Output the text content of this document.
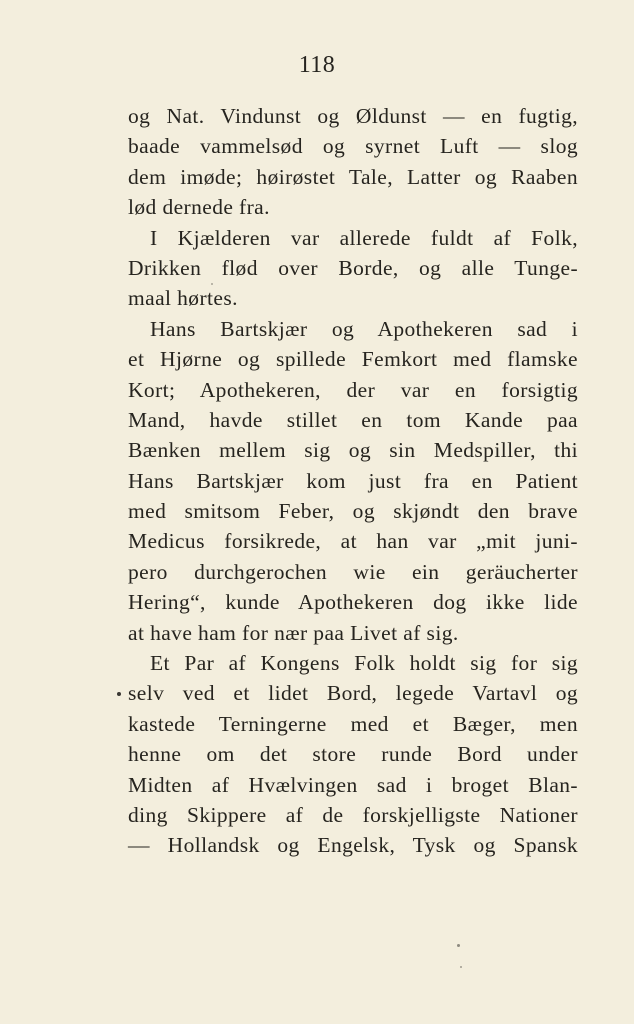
118
og Nat. Vindunst og Øldunst — en fugtig,
baade vammelsød og syrnet Luft — slog
dem imøde; høirøstet Tale, Latter og Raaben
lød dernede fra.
I Kjælderen var allerede fuldt af Folk,
Drikken flød over Borde, og alle Tunge-
maal hørtes.
Hans Bartskjær og Apothekeren sad i
et Hjørne og spillede Femkort med flamske
Kort; Apothekeren, der var en forsigtig
Mand, havde stillet en tom Kande paa
Bænken mellem sig og sin Medspiller, thi
Hans Bartskjær kom just fra en Patient
med smitsom Feber, og skjøndt den brave
Medicus forsikrede, at han var „mit juni-
pero durchgerochen wie ein geräucherter
Hering“, kunde Apothekeren dog ikke lide
at have ham for nær paa Livet af sig.
Et Par af Kongens Folk holdt sig for sig
selv ved et lidet Bord, legede Vartavl og
kastede Terningerne med et Bæger, men
henne om det store runde Bord under
Midten af Hvælvingen sad i broget Blan-
ding Skippere af de forskjelligste Nationer
— Hollandsk og Engelsk, Tysk og Spansk
